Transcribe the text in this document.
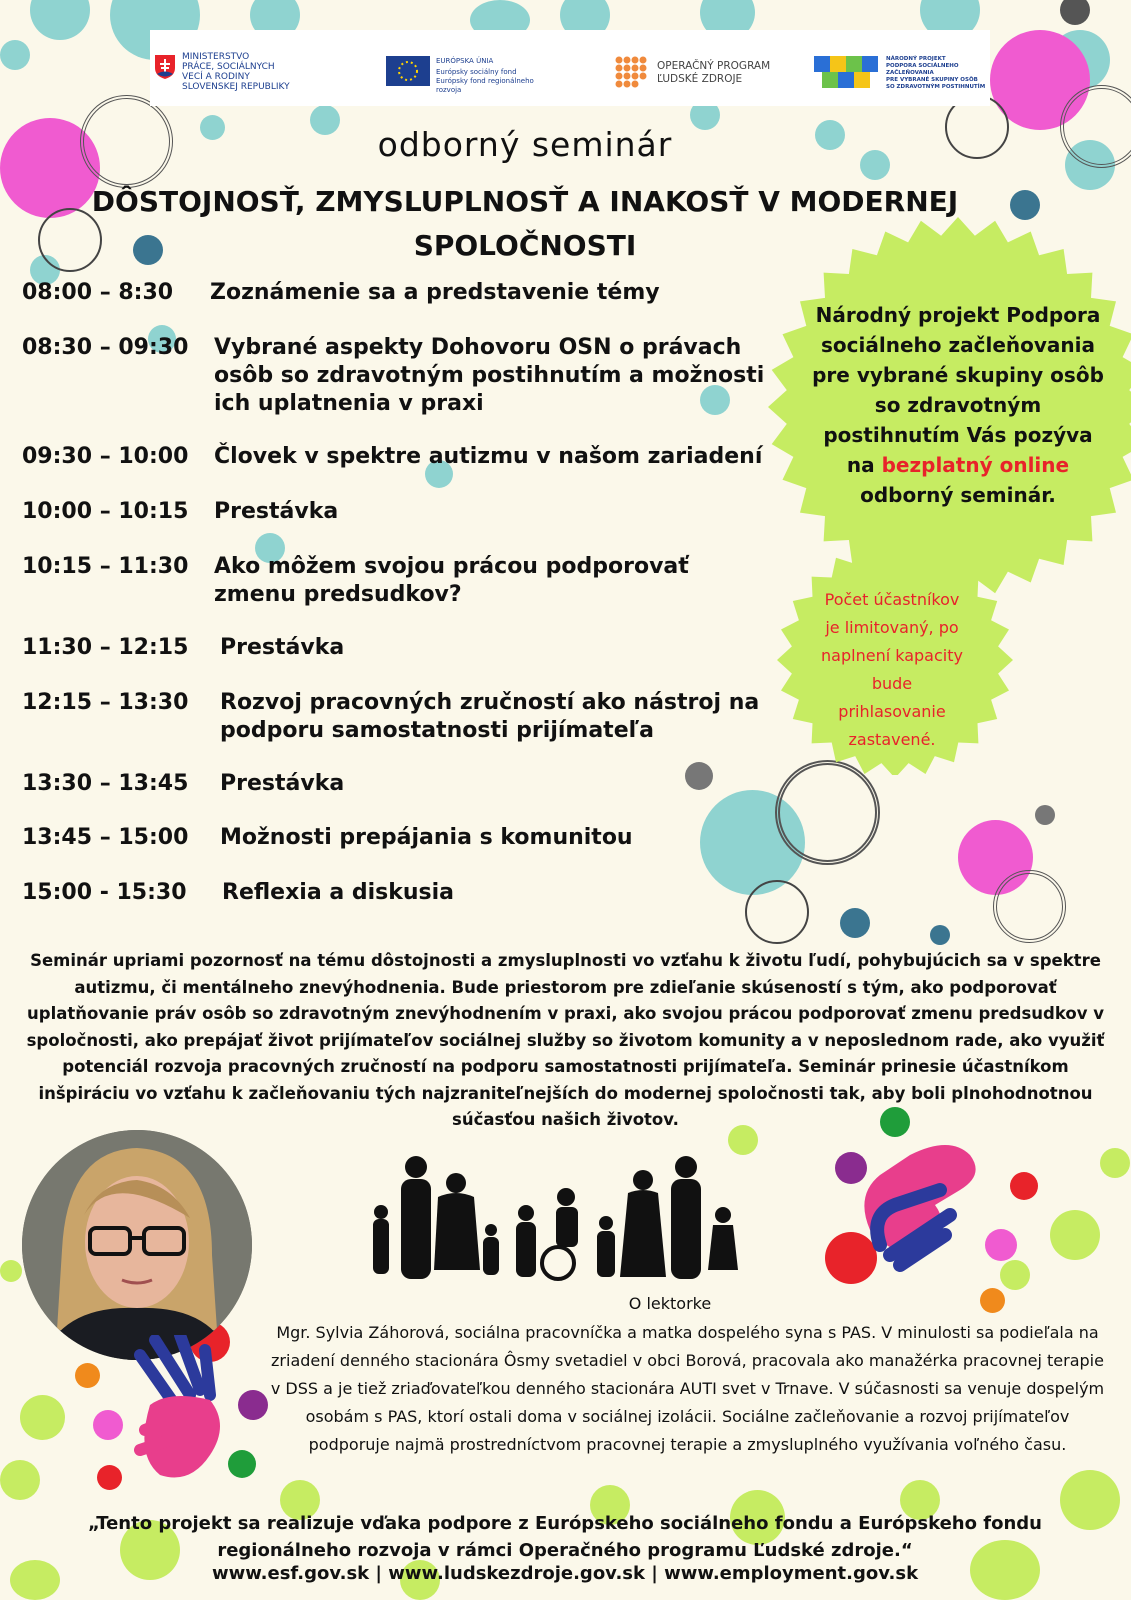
MINISTERSTVO
PRÁCE, SOCIÁLNYCH
VECÍ A RODINY
SLOVENSKEJ REPUBLIKY
EURÓPSKA ÚNIA
Európsky sociálny fond
Európsky fond regionálneho rozvoja
OPERAČNÝ PROGRAM
ĽUDSKÉ ZDROJE
NÁRODNÝ PROJEKT
PODPORA SOCIÁLNEHO ZAČLEŇOVANIA
PRE VYBRANÉ SKUPINY OSÔB
SO ZDRAVOTNÝM POSTIHNUTÍM
odborný seminár
DÔSTOJNOSŤ, ZMYSLUPLNOSŤ A INAKOSŤ V MODERNEJ SPOLOČNOSTI
08:00 – 8:30	Zoznámenie sa a predstavenie témy
08:30 – 09:30	Vybrané aspekty Dohovoru OSN o právach osôb so zdravotným postihnutím a možnosti ich uplatnenia v praxi
09:30 – 10:00	Človek v spektre autizmu v našom zariadení
10:00 – 10:15	Prestávka
10:15 – 11:30	Ako môžem svojou prácou podporovať zmenu predsudkov?
11:30 – 12:15	Prestávka
12:15 – 13:30	Rozvoj pracovných zručností ako nástroj na podporu samostatnosti prijímateľa
13:30 – 13:45	Prestávka
13:45 – 15:00	Možnosti prepájania s komunitou
15:00 - 15:30	Reflexia a diskusia
Národný projekt Podpora sociálneho začleňovania pre vybrané skupiny osôb so zdravotným postihnutím Vás pozýva na bezplatný online odborný seminár.
Počet účastníkov je limitovaný, po naplnení kapacity bude prihlasovanie zastavené.
Seminár upriami pozornosť na tému dôstojnosti a zmysluplnosti vo vzťahu k životu ľudí, pohybujúcich sa v spektre autizmu, či mentálneho znevýhodnenia. Bude priestorom pre zdieľanie skúseností s tým, ako podporovať uplatňovanie práv osôb so zdravotným znevýhodnením v praxi, ako svojou prácou podporovať zmenu predsudkov v spoločnosti, ako prepájať život prijímateľov sociálnej služby so životom komunity a v neposlednom rade, ako využiť potenciál rozvoja pracovných zručností na podporu samostatnosti prijímateľa. Seminár prinesie účastníkom inšpiráciu vo vzťahu k začleňovaniu tých najzraniteľnejších do modernej spoločnosti tak, aby boli plnohodnotnou súčasťou našich životov.
O lektorke
Mgr. Sylvia Záhorová, sociálna pracovníčka a matka dospelého syna s PAS. V minulosti sa podieľala na zriadení denného stacionára Ôsmy svetadiel v obci Borová, pracovala ako manažérka pracovnej terapie v DSS a je tiež zriaďovateľkou denného stacionára AUTI svet v Trnave. V súčasnosti sa venuje dospelým osobám s PAS, ktorí ostali doma v sociálnej izolácii. Sociálne začleňovanie a rozvoj prijímateľov podporuje najmä prostredníctvom pracovnej terapie a zmysluplného využívania voľného času.
„Tento projekt sa realizuje vďaka podpore z Európskeho sociálneho fondu a Európskeho fondu regionálneho rozvoja v rámci Operačného programu Ľudské zdroje.“
www.esf.gov.sk | www.ludskezdroje.gov.sk | www.employment.gov.sk
